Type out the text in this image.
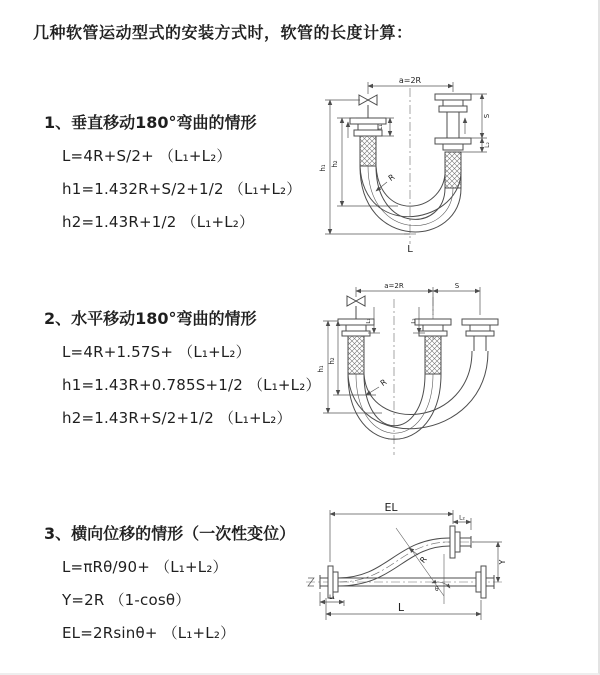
几种软管运动型式的安装方式时，软管的长度计算：
1、垂直移动180°弯曲的情形
L=4R+S/2+ （L₁+L₂）
h1=1.432R+S/2+1/2 （L₁+L₂）
h2=1.43R+1/2 （L₁+L₂）
2、水平移动180°弯曲的情形
L=4R+1.57S+ （L₁+L₂）
h1=1.43R+0.785S+1/2 （L₁+L₂）
h2=1.43R+S/2+1/2 （L₁+L₂）
3、横向位移的情形（一次性变位）
L=πRθ/90+ （L₁+L₂）
Y=2R （1-cosθ）
EL=2Rsinθ+ （L₁+L₂）
a=2R
L₁
S
L₂
h₁
h₂
R
L
a=2R	S
L₁	L₂
h₁
h₂
R
EL
L₂
Y
θ
R
L
L₁
